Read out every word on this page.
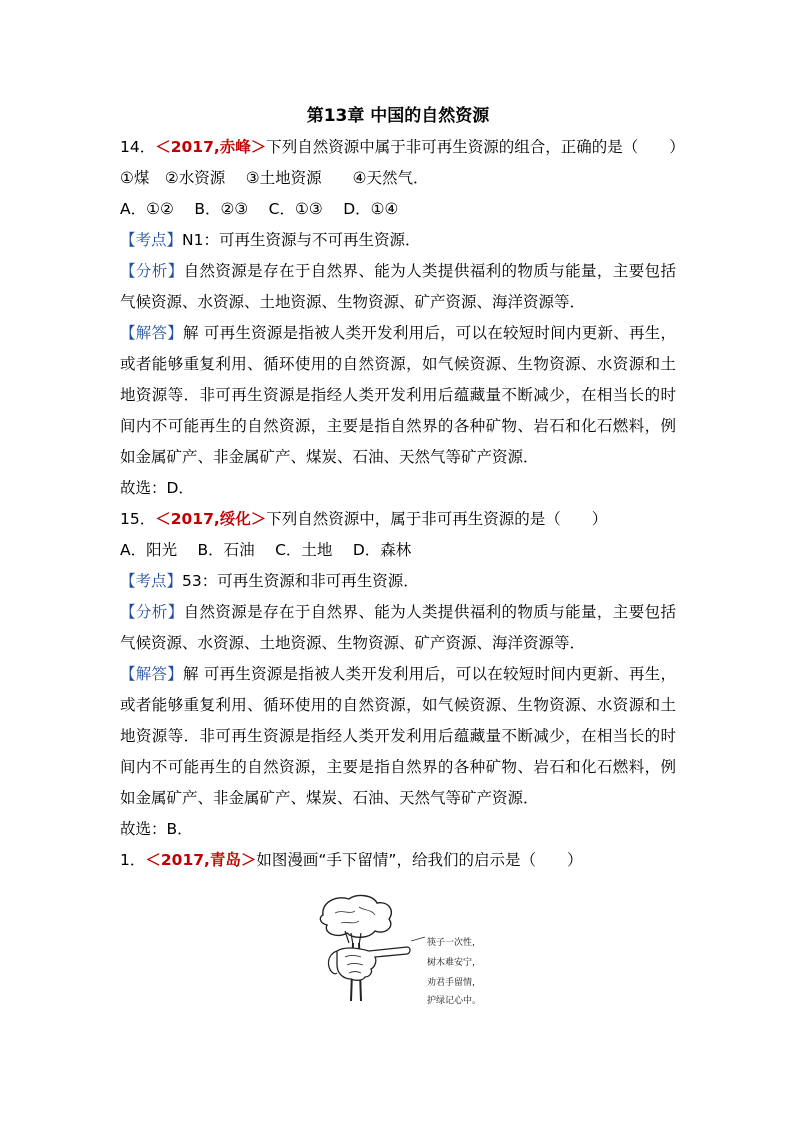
第13章 中国的自然资源

14．＜2017,赤峰＞下列自然资源中属于非可再生资源的组合，正确的是（　　）

①煤　②水资源　 ③土地资源　　④天然气．

A．①②　 B．②③　 C．①③　 D．①④

【考点】N1：可再生资源与不可再生资源．

【分析】自然资源是存在于自然界、能为人类提供福利的物质与能量，主要包括气候资源、水资源、土地资源、生物资源、矿产资源、海洋资源等．

【解答】解 可再生资源是指被人类开发利用后，可以在较短时间内更新、再生，或者能够重复利用、循环使用的自然资源，如气候资源、生物资源、水资源和土地资源等．非可再生资源是指经人类开发利用后蕴藏量不断减少，在相当长的时间内不可能再生的自然资源，主要是指自然界的各种矿物、岩石和化石燃料，例如金属矿产、非金属矿产、煤炭、石油、天然气等矿产资源．

故选：D．

15．＜2017,绥化＞下列自然资源中，属于非可再生资源的是（　　）

A．阳光　 B．石油　 C．土地　 D．森林

【考点】53：可再生资源和非可再生资源．

【分析】自然资源是存在于自然界、能为人类提供福利的物质与能量，主要包括气候资源、水资源、土地资源、生物资源、矿产资源、海洋资源等．

【解答】解 可再生资源是指被人类开发利用后，可以在较短时间内更新、再生，或者能够重复利用、循环使用的自然资源，如气候资源、生物资源、水资源和土地资源等．非可再生资源是指经人类开发利用后蕴藏量不断减少，在相当长的时间内不可能再生的自然资源，主要是指自然界的各种矿物、岩石和化石燃料，例如金属矿产、非金属矿产、煤炭、石油、天然气等矿产资源．

故选：B．

1．＜2017,青岛＞如图漫画“手下留情”，给我们的启示是（　　）

筷子一次性，
树木难安宁，
劝君手留情，
护绿记心中。
